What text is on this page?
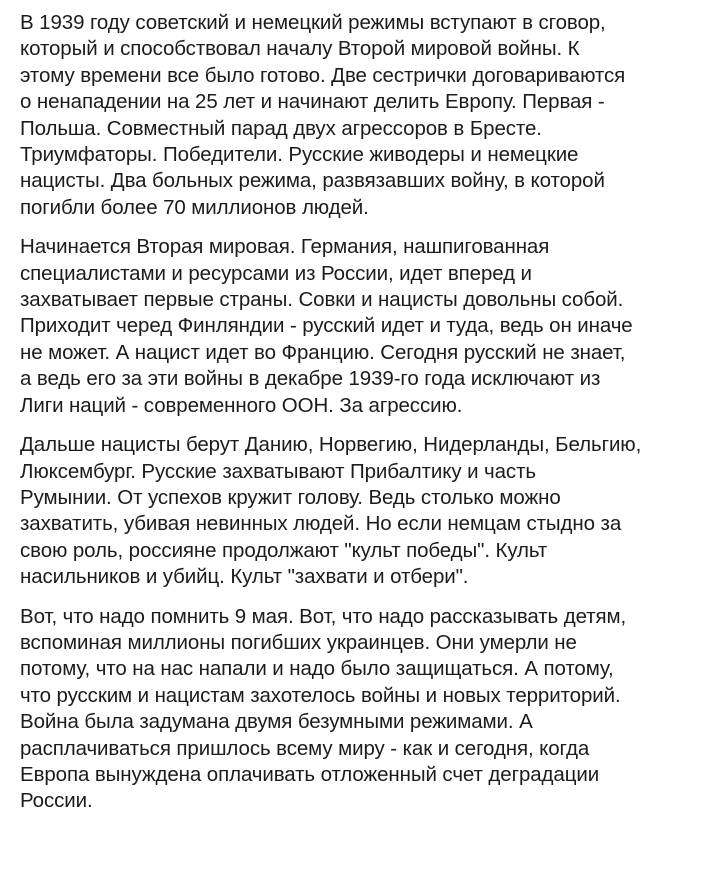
В 1939 году советский и немецкий режимы вступают в сговор,
который и способствовал началу Второй мировой войны. К
этому времени все было готово. Две сестрички договариваются
о ненападении на 25 лет и начинают делить Европу. Первая -
Польша. Совместный парад двух агрессоров в Бресте.
Триумфаторы. Победители. Русские живодеры и немецкие
нацисты. Два больных режима, развязавших войну, в которой
погибли более 70 миллионов людей.

Начинается Вторая мировая. Германия, нашпигованная
специалистами и ресурсами из России, идет вперед и
захватывает первые страны. Совки и нацисты довольны собой.
Приходит черед Финляндии - русский идет и туда, ведь он иначе
не может. А нацист идет во Францию. Сегодня русский не знает,
а ведь его за эти войны в декабре 1939-го года исключают из
Лиги наций - современного ООН. За агрессию.

Дальше нацисты берут Данию, Норвегию, Нидерланды, Бельгию,
Люксембург. Русские захватывают Прибалтику и часть
Румынии. От успехов кружит голову. Ведь столько можно
захватить, убивая невинных людей. Но если немцам стыдно за
свою роль, россияне продолжают "культ победы". Культ
насильников и убийц. Культ "захвати и отбери".

Вот, что надо помнить 9 мая. Вот, что надо рассказывать детям,
вспоминая миллионы погибших украинцев. Они умерли не
потому, что на нас напали и надо было защищаться. А потому,
что русским и нацистам захотелось войны и новых территорий.
Война была задумана двумя безумными режимами. А
расплачиваться пришлось всему миру - как и сегодня, когда
Европа вынуждена оплачивать отложенный счет деградации
России.
